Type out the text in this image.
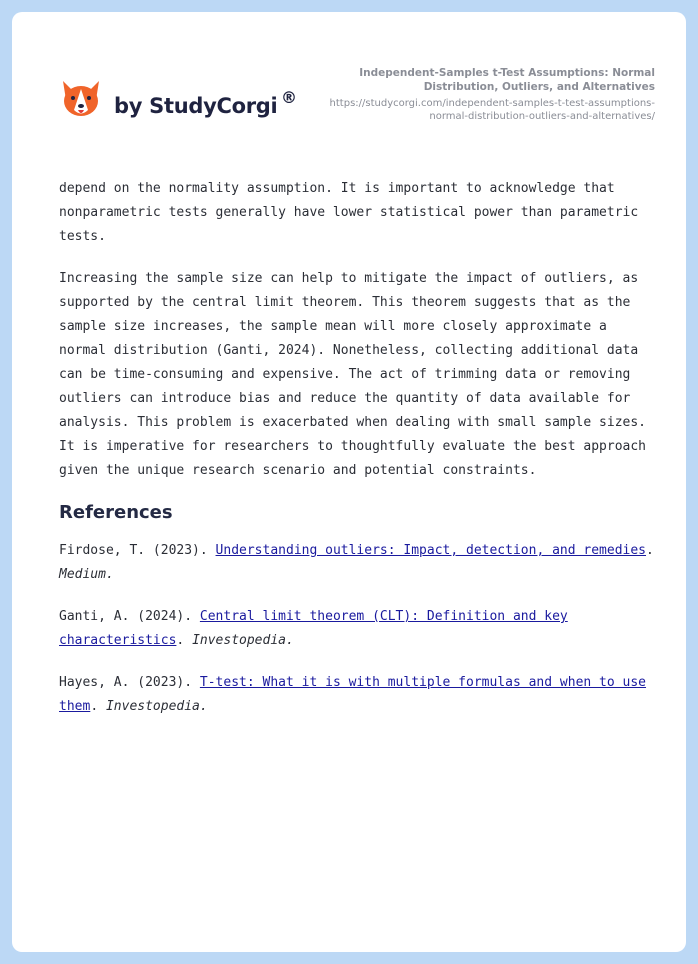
by StudyCorgi ®
Independent-Samples t-Test Assumptions: Normal Distribution, Outliers, and Alternatives
https://studycorgi.com/independent-samples-t-test-assumptions-normal-distribution-outliers-and-alternatives/

depend on the normality assumption. It is important to acknowledge that nonparametric tests generally have lower statistical power than parametric tests.

Increasing the sample size can help to mitigate the impact of outliers, as supported by the central limit theorem. This theorem suggests that as the sample size increases, the sample mean will more closely approximate a normal distribution (Ganti, 2024). Nonetheless, collecting additional data can be time-consuming and expensive. The act of trimming data or removing outliers can introduce bias and reduce the quantity of data available for analysis. This problem is exacerbated when dealing with small sample sizes. It is imperative for researchers to thoughtfully evaluate the best approach given the unique research scenario and potential constraints.

References

Firdose, T. (2023). Understanding outliers: Impact, detection, and remedies. Medium.

Ganti, A. (2024). Central limit theorem (CLT): Definition and key characteristics. Investopedia.

Hayes, A. (2023). T-test: What it is with multiple formulas and when to use them. Investopedia.
